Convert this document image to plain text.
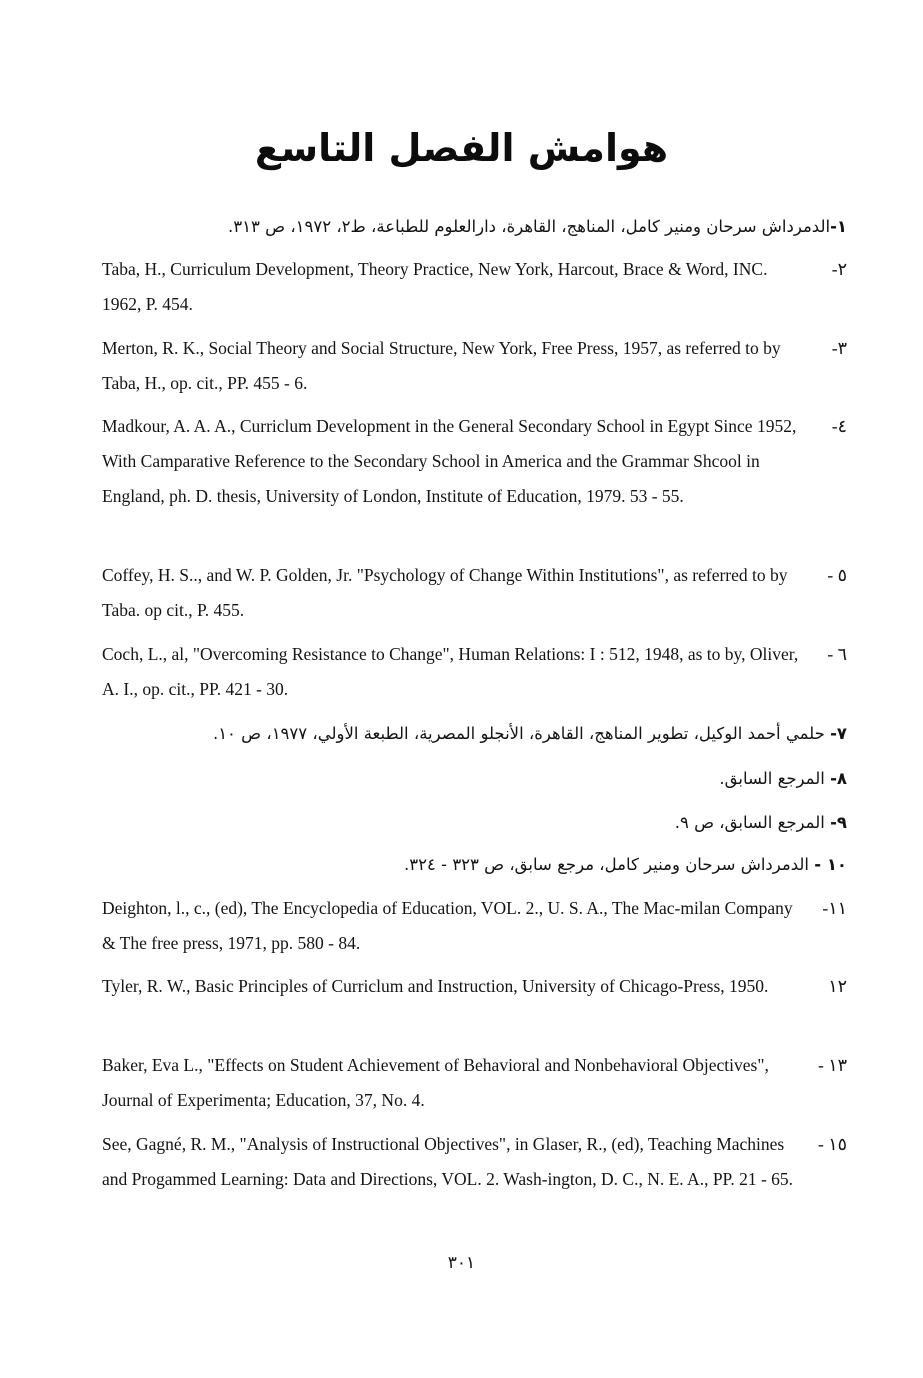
هوامش الفصل التاسع
١-الدمرداش سرحان ومنير كامل، المناهج، القاهرة، دارالعلوم للطباعة، ط٢، ١٩٧٢، ص ٣١٣.
٢-
Taba, H., Curriculum Development, Theory Practice, New York, Harcout, Brace & Word, INC. 1962, P. 454.
٣-
Merton, R. K., Social Theory and Social Structure, New York, Free Press, 1957, as referred to by Taba, H., op. cit., PP. 455 - 6.
٤-
Madkour, A. A. A., Curriclum Development in the General Secondary School in Egypt Since 1952, With Camparative Reference to the Secondary School in America and the Grammar Shcool in England, ph. D. thesis, University of London, Institute of Education, 1979. 53 - 55.
٥ -
Coffey, H. S.., and W. P. Golden, Jr. "Psychology of Change Within Institutions", as referred to by Taba. op cit., P. 455.
٦ -
Coch, L., al, "Overcoming Resistance to Change", Human Relations: I : 512, 1948, as to by, Oliver, A. I., op. cit., PP. 421 - 30.
٧- حلمي أحمد الوكيل، تطوير المناهج، القاهرة، الأنجلو المصرية، الطبعة الأولي، ١٩٧٧، ص ١٠.
٨- المرجع السابق.
٩- المرجع السابق، ص ٩.
١٠ - الدمرداش سرحان ومنير كامل، مرجع سابق، ص ٣٢٣ - ٣٢٤.
١١-
Deighton, l., c., (ed), The Encyclopedia of Education, VOL. 2., U. S. A., The Mac-milan Company & The free press, 1971, pp. 580 - 84.
١٢
Tyler, R. W., Basic Principles of Curriclum and Instruction, University of Chicago-Press, 1950.
١٣ -
Baker, Eva L., "Effects on Student Achievement of Behavioral and Nonbehavioral Objectives", Journal of Experimenta; Education, 37, No. 4.
١٥ -
See, Gagné, R. M., "Analysis of Instructional Objectives", in Glaser, R., (ed), Teaching Machines and Progammed Learning: Data and Directions, VOL. 2. Wash-ington, D. C., N. E. A., PP. 21 - 65.
٣٠١
